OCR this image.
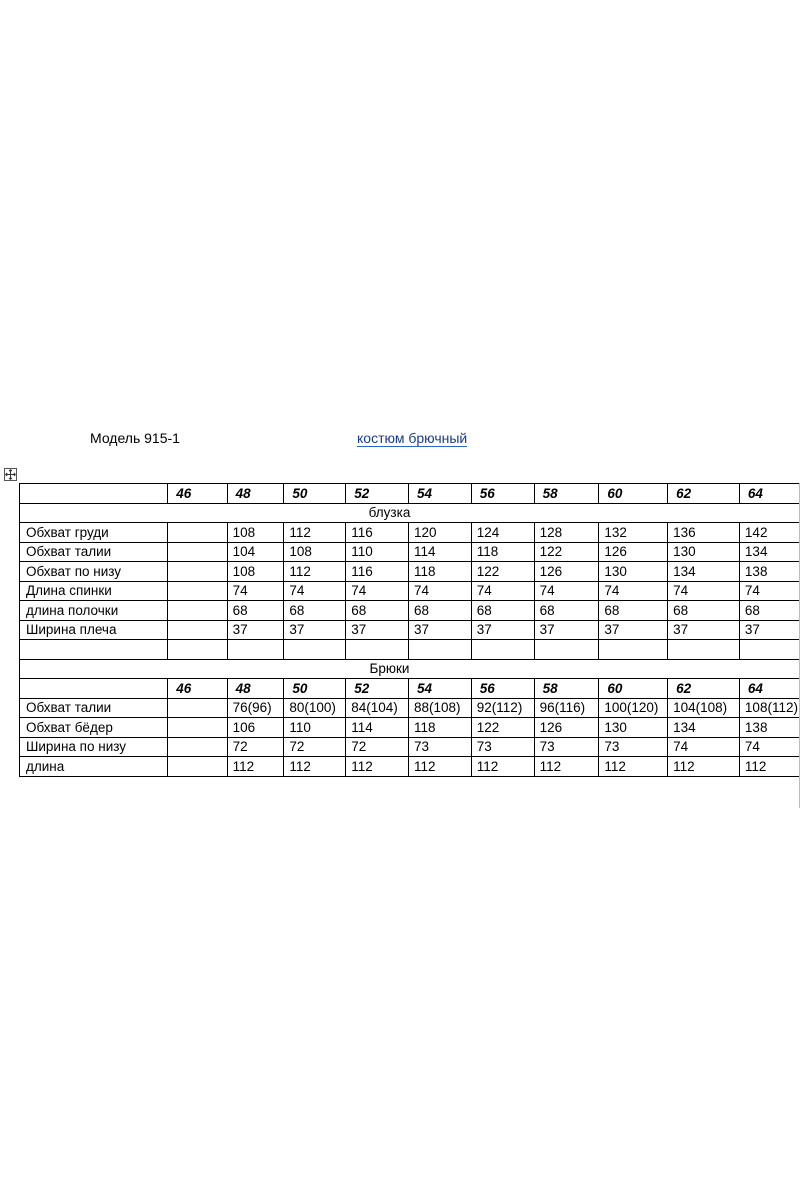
Модель 915-1	костюм брючный
	46	48	50	52	54	56	58	60	62	64
блузка										
Обхват груди		108	112	116	120	124	128	132	136	142
Обхват талии		104	108	110	114	118	122	126	130	134
Обхват по низу		108	112	116	118	122	126	130	134	138
Длина спинки		74	74	74	74	74	74	74	74	74
длина полочки		68	68	68	68	68	68	68	68	68
Ширина плеча		37	37	37	37	37	37	37	37	37

Брюки										
	46	48	50	52	54	56	58	60	62	64
Обхват талии		76(96)	80(100)	84(104)	88(108)	92(112)	96(116)	100(120)	104(108)	108(112)
Обхват бёдер		106	110	114	118	122	126	130	134	138
Ширина по низу		72	72	72	73	73	73	73	74	74
длина		112	112	112	112	112	112	112	112	112
